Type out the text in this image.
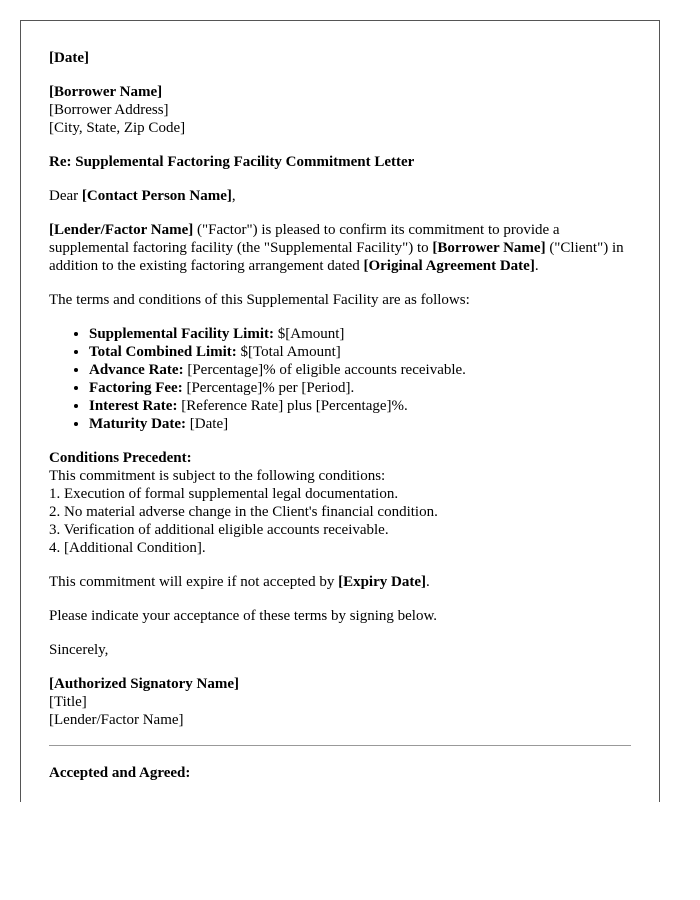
[Date]

[Borrower Name]
[Borrower Address]
[City, State, Zip Code]

Re: Supplemental Factoring Facility Commitment Letter

Dear [Contact Person Name],

[Lender/Factor Name] ("Factor") is pleased to confirm its commitment to provide a supplemental factoring facility (the "Supplemental Facility") to [Borrower Name] ("Client") in addition to the existing factoring arrangement dated [Original Agreement Date].

The terms and conditions of this Supplemental Facility are as follows:

• Supplemental Facility Limit: $[Amount]
• Total Combined Limit: $[Total Amount]
• Advance Rate: [Percentage]% of eligible accounts receivable.
• Factoring Fee: [Percentage]% per [Period].
• Interest Rate: [Reference Rate] plus [Percentage]%.
• Maturity Date: [Date]
Conditions Precedent:
This commitment is subject to the following conditions:
1. Execution of formal supplemental legal documentation.
2. No material adverse change in the Client's financial condition.
3. Verification of additional eligible accounts receivable.
4. [Additional Condition].

This commitment will expire if not accepted by [Expiry Date].

Please indicate your acceptance of these terms by signing below.

Sincerely,

[Authorized Signatory Name]
[Title]
[Lender/Factor Name]

Accepted and Agreed:
